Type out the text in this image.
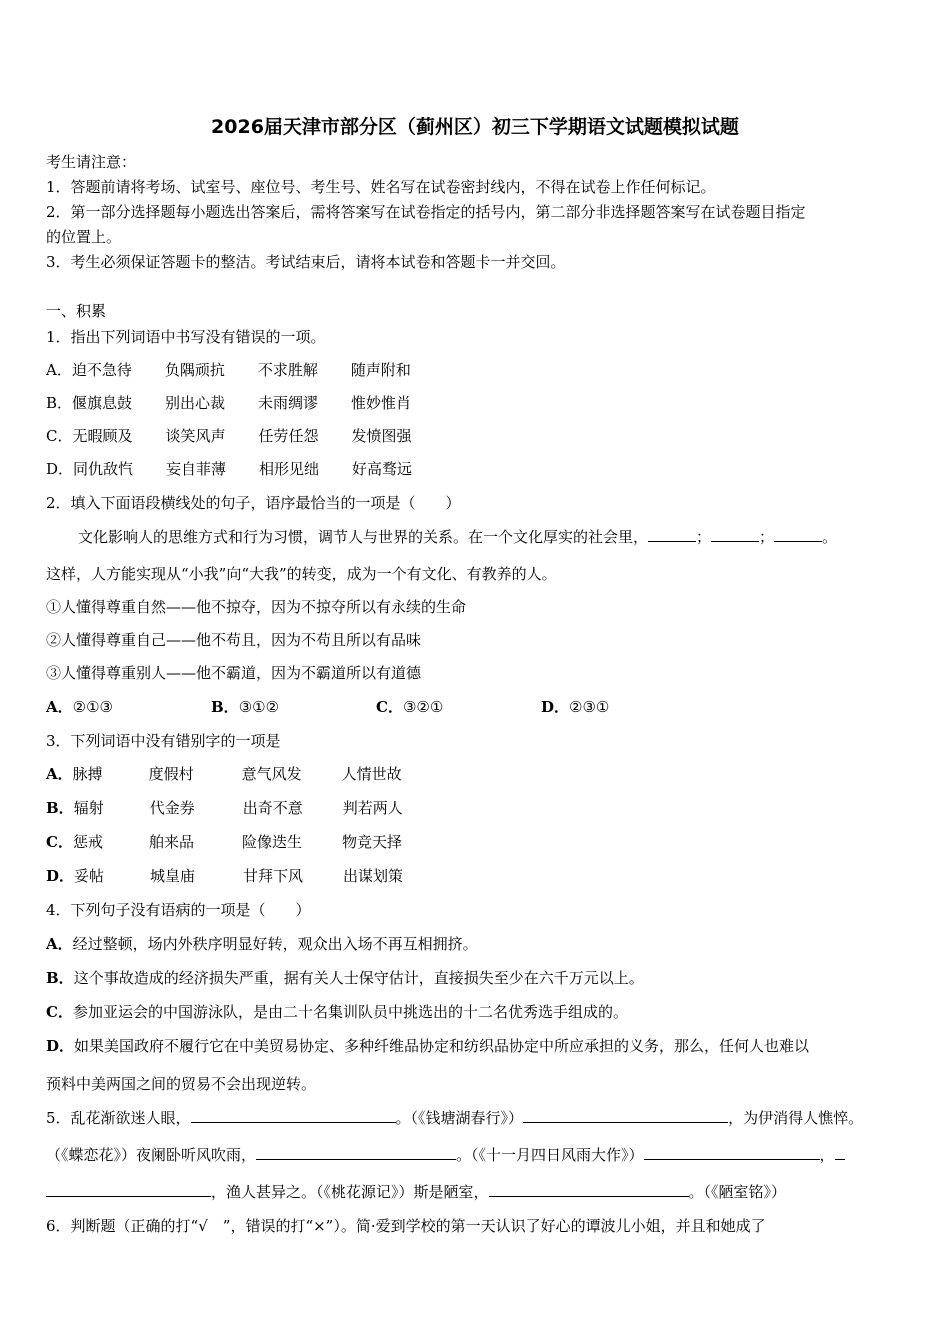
2026届天津市部分区（蓟州区）初三下学期语文试题模拟试题
考生请注意：
1．答题前请将考场、试室号、座位号、考生号、姓名写在试卷密封线内，不得在试卷上作任何标记。
2．第一部分选择题每小题选出答案后，需将答案写在试卷指定的括号内，第二部分非选择题答案写在试卷题目指定
的位置上。
3．考生必须保证答题卡的整洁。考试结束后，请将本试卷和答题卡一并交回。
一、积累
1．指出下列词语中书写没有错误的一项。
A．迫不急待 负隅顽抗 不求胜解 随声附和
B．偃旗息鼓 别出心裁 未雨绸谬 惟妙惟肖
C．无暇顾及 谈笑风声 任劳任怨 发愤图强
D．同仇敌忾 妄自菲薄 相形见绌 好高骛远
2．填入下面语段横线处的句子，语序最恰当的一项是（　　）
文化影响人的思维方式和行为习惯，调节人与世界的关系。在一个文化厚实的社会里，	；	；	。
这样，人方能实现从“小我”向“大我”的转变，成为一个有文化、有教养的人。
①人懂得尊重自然——他不掠夺，因为不掠夺所以有永续的生命
②人懂得尊重自己——他不苟且，因为不苟且所以有品味
③人懂得尊重别人——他不霸道，因为不霸道所以有道德
A．②①③	B．③①②	C．③②①	D．②③①
3．下列词语中没有错别字的一项是
A．脉搏	度假村	意气风发	人情世故
B．辐射	代金券	出奇不意	判若两人
C．惩戒	舶来品	险像迭生	物竞天择
D．妥帖	城皇庙	甘拜下风	出谋划策
4．下列句子没有语病的一项是（　　）
A．经过整顿，场内外秩序明显好转，观众出入场不再互相拥挤。
B．这个事故造成的经济损失严重，据有关人士保守估计，直接损失至少在六千万元以上。
C．参加亚运会的中国游泳队，是由二十名集训队员中挑选出的十二名优秀选手组成的。
D．如果美国政府不履行它在中美贸易协定、多种纤维品协定和纺织品协定中所应承担的义务，那么，任何人也难以
预料中美两国之间的贸易不会出现逆转。
5．乱花渐欲迷人眼，	。（《钱塘湖春行》）	，为伊消得人憔悴。
（《蝶恋花》）夜阑卧听风吹雨，	。（《十一月四日风雨大作》）	，
，渔人甚异之。（《桃花源记》）斯是陋室，	。（《陋室铭》）
6．判断题（正确的打“√　”，错误的打“×”）。简·爱到学校的第一天认识了好心的谭波儿小姐，并且和她成了
